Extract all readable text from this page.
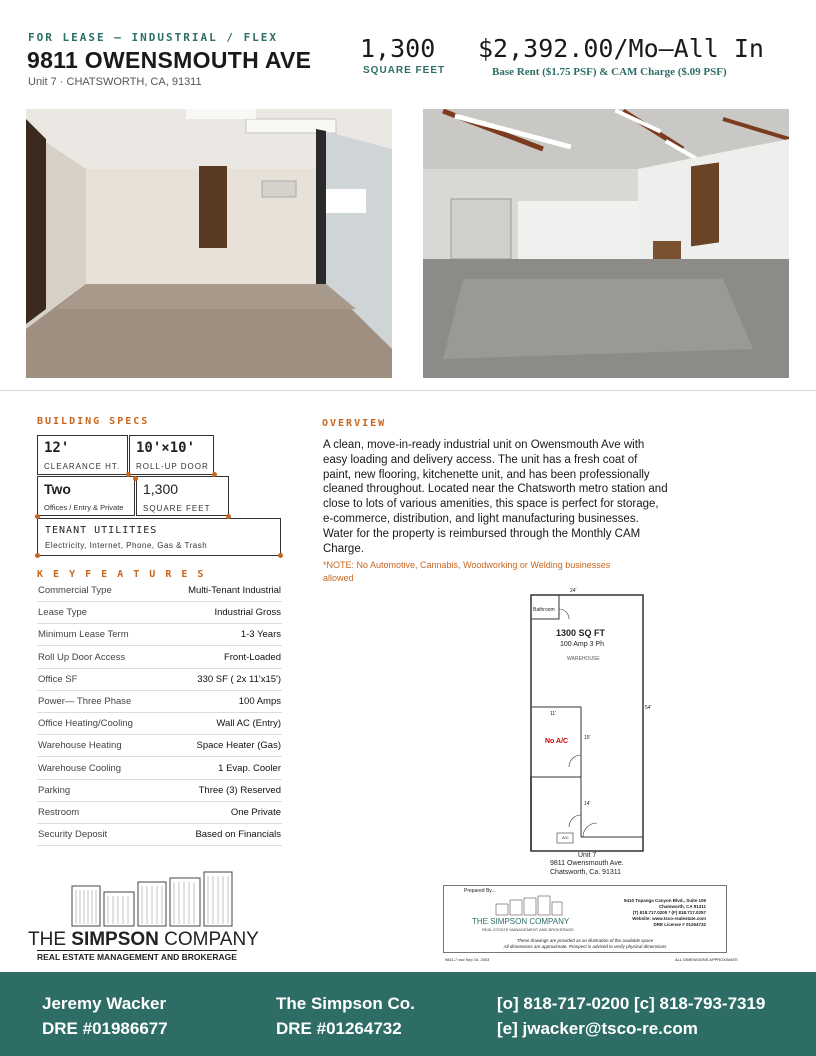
FOR LEASE – INDUSTRIAL / FLEX
9811 OWENSMOUTH AVE
Unit 7 · CHATSWORTH, CA, 91311
1,300
SQUARE FEET
$2,392.00/Mo–All In
Base Rent ($1.75 PSF) & CAM Charge ($.09 PSF)
BUILDING SPECS
12'
CLEARANCE HT.
10'×10'
ROLL-UP DOOR
Two
Offices / Entry & Private
1,300
SQUARE FEET
TENANT UTILITIES
Electricity, Internet, Phone, Gas & Trash
K E Y F E A T U R E S
Commercial Type	Multi-Tenant Industrial
Lease Type	Industrial Gross
Minimum Lease Term	1-3 Years
Roll Up Door Access	Front-Loaded
Office SF	330 SF ( 2x 11'x15')
Power— Three Phase	100 Amps
Office Heating/Cooling	Wall AC (Entry)
Warehouse Heating	Space Heater (Gas)
Warehouse Cooling	1 Evap. Cooler
Parking	Three (3) Reserved
Restroom	One Private
Security Deposit	Based on Financials
OVERVIEW
A clean, move-in-ready industrial unit on Owensmouth Ave with easy loading and delivery access. The unit has a fresh coat of paint, new flooring, kitchenette unit, and has been professionally cleaned throughout. Located near the Chatsworth metro station and close to lots of various amenities, this space is perfect for storage, e-commerce, distribution, and light manufacturing businesses. Water for the property is reimbursed through the Monthly CAM Charge.
*NOTE: No Automotive, Cannabis, Woodworking or Welding businesses allowed
Bathroom
24'
54'
1300 SQ FT
100 Amp 3 Ph
WAREHOUSE
11'
15'
14'
No A/C
A/C
Unit 7
9811 Owensmouth Ave.
Chatsworth, Ca. 91311
Prepared By...
THE SIMPSON COMPANY
REAL ESTATE MANAGEMENT AND BROKERAGE
9410 Topanga Canyon Blvd., Suite 105
Chatsworth, CA 91311
(T) 818.717.0200 * (F) 818.717.0257
Website: www.tsco-realestate.com
DRE License # 01264732
These drawings are provided as an illustration of the available space
All dimensions are approximate. Prospect is advised to verify physical dimensions
9811-7.vsd Sep 10, 2003	ALL DIMENSIONS APPROXIMATE
THE SIMPSON COMPANY
REAL ESTATE MANAGEMENT AND BROKERAGE
Jeremy Wacker
DRE #01986677
The Simpson Co.
DRE #01264732
[o] 818-717-0200 [c] 818-793-7319
[e] jwacker@tsco-re.com
